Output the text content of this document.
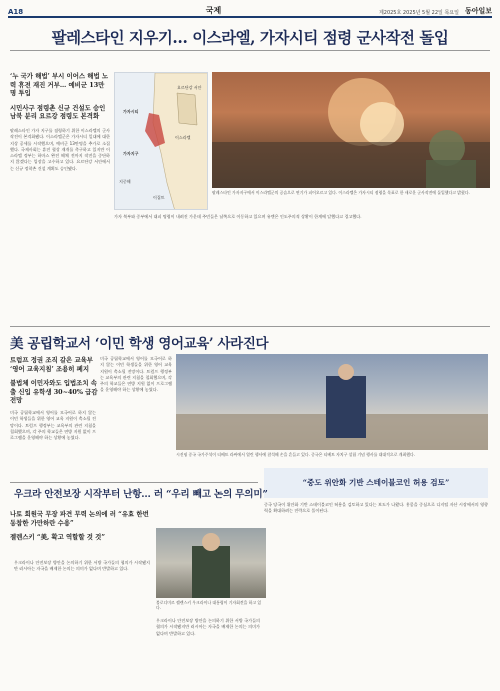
A18	국제	제2025호 2025년 5월 22일 목요일 동아일보
팔레스타인 지우기… 이스라엘, 가자시티 점령 군사작전 돌입
‘누 국가 해법’ 부시 이어스 해법 노력 휴전 재진 거부… 예비군 13만명 투입
시민사구 점령촌 신규 건설도 승인 남북 분리 요르강 점령도 본격화
팔레스타인 가자 지구를 점령하기 위한 이스라엘의 군사작전이 본격화됐다. 이스라엘군은 가자시티 일대에 대한 지상 공세를 시작했으며, 예비군 13만명을 추가로 소집했다. 국제사회는 휴전 협상 재개를 촉구하고 있지만 이스라엘 정부는 하마스 완전 해체 전까지 작전을 중단하지 않겠다는 입장을 고수하고 있다. 요르단강 서안에서는 신규 정착촌 건설 계획도 승인됐다.
요르단강 서안
이스라엘
가자시티
가자지구
이집트
지중해
팔레스타인 가자지구에서 이스라엘군의 공습으로 연기가 피어오르고 있다. 이스라엘은 가자시티 점령을 목표로 한 새로운 군사작전에 돌입했다고 밝혔다.
가자 북부와 중부에서 대피 명령이 내려진 가운데 주민들은 남쪽으로 이동하고 있으며 유엔은 인도주의적 상황이 한계에 달했다고 경고했다.
美 공립학교서 ‘이민 학생 영어교육’ 사라진다
트럼프 정권 조직 갈은 교육부 ‘영어 교육지침’ 조용히 폐지
불법체 이민자와도 입법조치 속출 신입 유학생 30~40% 급감 전망
미국 공립학교에서 영어를 모국어로 하지 않는 이민 학생들을 위한 영어 교육 지원이 축소될 전망이다. 트럼프 행정부는 교육부의 관련 지침을 철회했으며, 각 주의 학교들은 연방 지원 없이 프로그램을 운영해야 하는 상황에 놓였다.
미국 공립학교에서 영어를 모국어로 하지 않는 이민 학생들을 위한 영어 교육 지원이 축소될 전망이다. 트럼프 행정부는 교육부의 관련 지침을 철회했으며, 각 주의 학교들은 연방 지원 없이 프로그램을 운영해야 하는 상황에 놓였다.
시진핑 중국 국가주석이 티베트 라싸에서 열린 행사에 참석해 손을 흔들고 있다. 중국은 티베트 자치구 설립 기념 행사를 대대적으로 개최했다.
“중도 위안화 기반 스테이블코인 허용 검토”
중국 당국이 위안화 기반 스테이블코인 허용을 검토하고 있다는 보도가 나왔다. 홍콩을 중심으로 디지털 자산 시장에서의 영향력을 확대하려는 전략으로 풀이된다.
우크라 안전보장 시작부터 난항… 러 “우리 빼고 논의 무의미”
나토 회원국 무장 파견 무력 논의에 러 “유효 한번 동참한 가만하란 수용”
젤렌스키 “美, 확고 역할할 것 것”
우크라이나 안전보장 방안을 논의하기 위한 서방 국가들의 협의가 시작됐지만 러시아는 자국을 배제한 논의는 의미가 없다며 반발하고 있다.
볼로디미르 젤렌스키 우크라이나 대통령이 기자회견을 하고 있다.
우크라이나 안전보장 방안을 논의하기 위한 서방 국가들의 협의가 시작됐지만 러시아는 자국을 배제한 논의는 의미가 없다며 반발하고 있다.
